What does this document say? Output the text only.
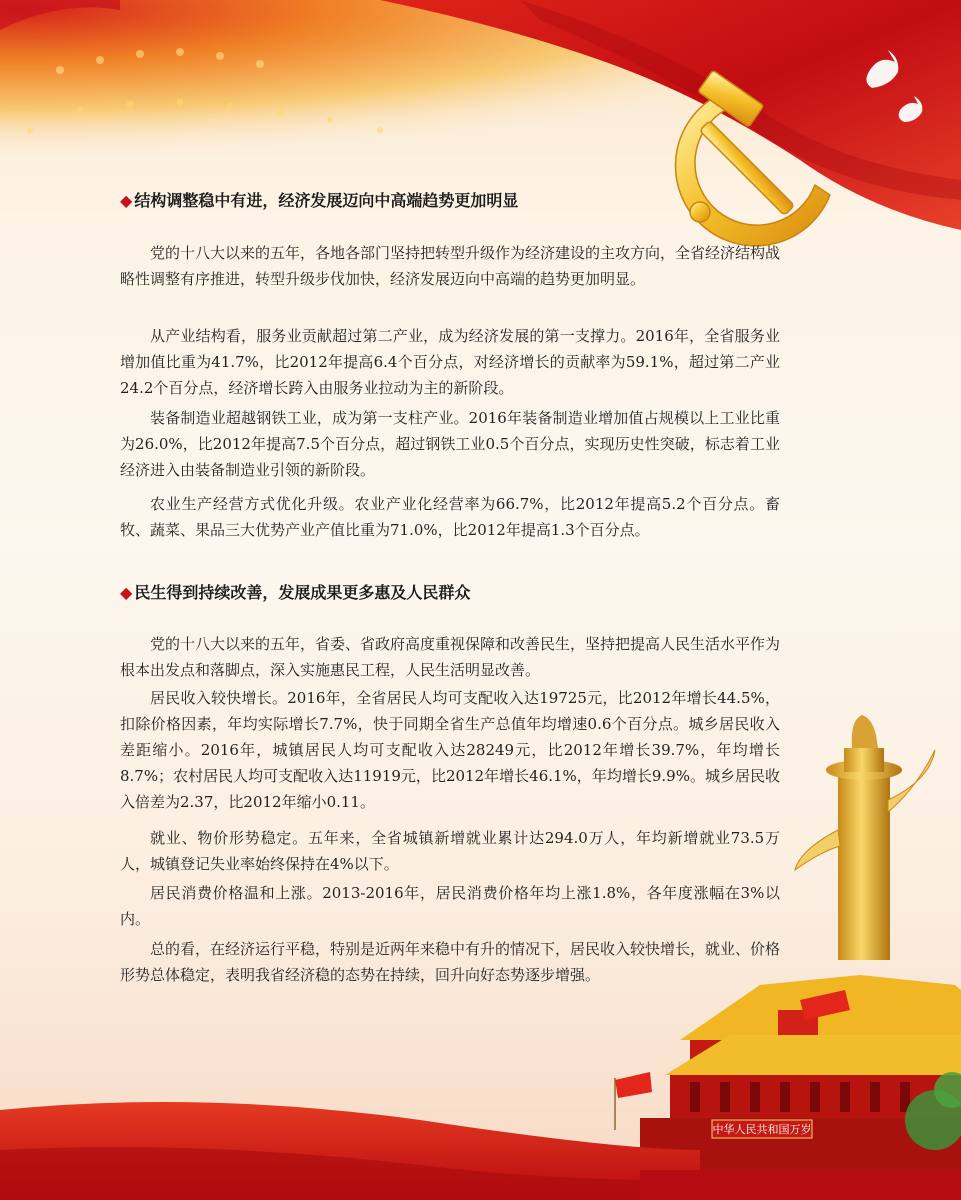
中华人民共和国万岁
◆ 结构调整稳中有进，经济发展迈向中高端趋势更加明显

党的十八大以来的五年，各地各部门坚持把转型升级作为经济建设的主攻方向，全省经济结构战略性调整有序推进，转型升级步伐加快，经济发展迈向中高端的趋势更加明显。

从产业结构看，服务业贡献超过第二产业，成为经济发展的第一支撑力。2016年，全省服务业增加值比重为41.7%，比2012年提高6.4个百分点，对经济增长的贡献率为59.1%，超过第二产业24.2个百分点，经济增长跨入由服务业拉动为主的新阶段。

装备制造业超越钢铁工业，成为第一支柱产业。2016年装备制造业增加值占规模以上工业比重为26.0%，比2012年提高7.5个百分点，超过钢铁工业0.5个百分点，实现历史性突破，标志着工业经济进入由装备制造业引领的新阶段。

农业生产经营方式优化升级。农业产业化经营率为66.7%，比2012年提高5.2个百分点。畜牧、蔬菜、果品三大优势产业产值比重为71.0%，比2012年提高1.3个百分点。

◆ 民生得到持续改善，发展成果更多惠及人民群众

党的十八大以来的五年，省委、省政府高度重视保障和改善民生，坚持把提高人民生活水平作为根本出发点和落脚点，深入实施惠民工程，人民生活明显改善。

居民收入较快增长。2016年，全省居民人均可支配收入达19725元，比2012年增长44.5%，扣除价格因素，年均实际增长7.7%，快于同期全省生产总值年均增速0.6个百分点。城乡居民收入差距缩小。2016年，城镇居民人均可支配收入达28249元，比2012年增长39.7%，年均增长8.7%；农村居民人均可支配收入达11919元，比2012年增长46.1%，年均增长9.9%。城乡居民收入倍差为2.37，比2012年缩小0.11。

就业、物价形势稳定。五年来，全省城镇新增就业累计达294.0万人，年均新增就业73.5万人，城镇登记失业率始终保持在4%以下。

居民消费价格温和上涨。2013-2016年，居民消费价格年均上涨1.8%，各年度涨幅在3%以内。

总的看，在经济运行平稳，特别是近两年来稳中有升的情况下，居民收入较快增长，就业、价格形势总体稳定，表明我省经济稳的态势在持续，回升向好态势逐步增强。
